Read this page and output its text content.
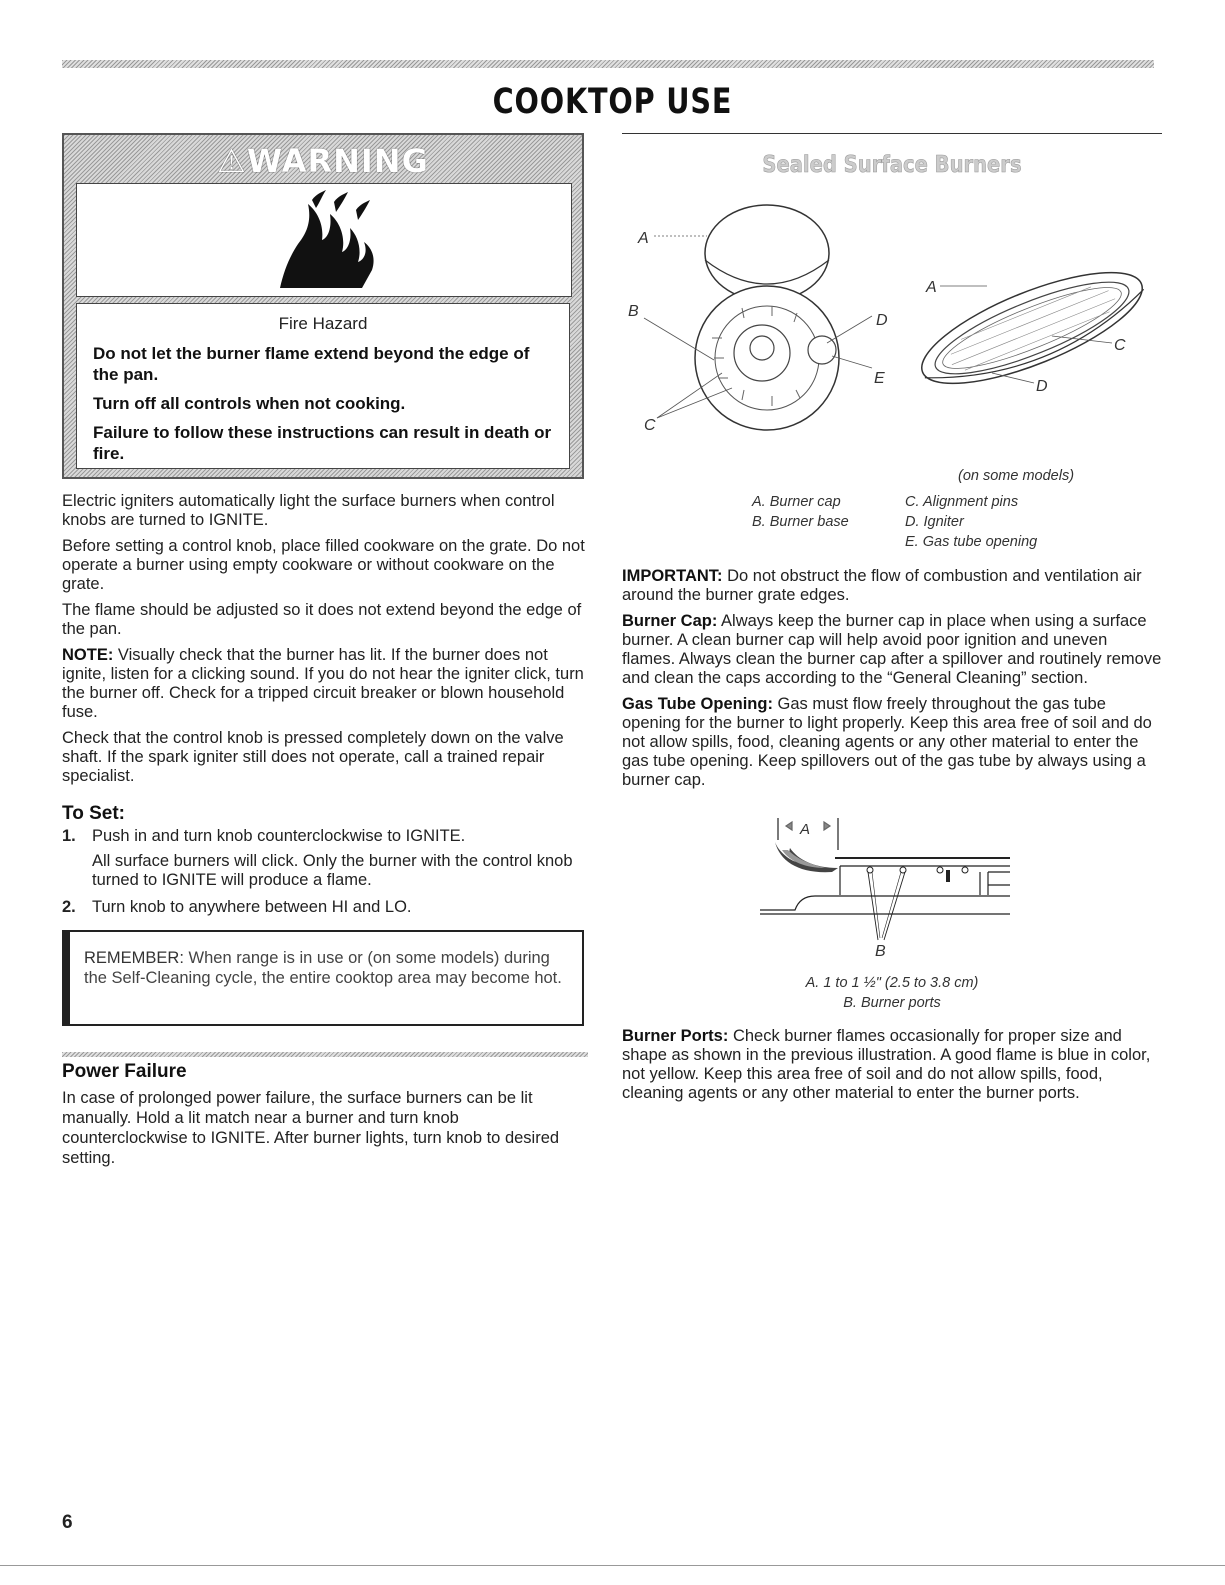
COOKTOP USE
⚠WARNING
Fire Hazard

Do not let the burner flame extend beyond the edge of the pan.

Turn off all controls when not cooking.

Failure to follow these instructions can result in death or fire.

Electric igniters automatically light the surface burners when control knobs are turned to IGNITE.

Before setting a control knob, place filled cookware on the grate. Do not operate a burner using empty cookware or without cookware on the grate.

The flame should be adjusted so it does not extend beyond the edge of the pan.

NOTE: Visually check that the burner has lit. If the burner does not ignite, listen for a clicking sound. If you do not hear the igniter click, turn the burner off. Check for a tripped circuit breaker or blown household fuse.

Check that the control knob is pressed completely down on the valve shaft. If the spark igniter still does not operate, call a trained repair specialist.

To Set:
1. Push in and turn knob counterclockwise to IGNITE.

All surface burners will click. Only the burner with the control knob turned to IGNITE will produce a flame.

2. Turn knob to anywhere between HI and LO.
REMEMBER: When range is in use or (on some models) during the Self-Cleaning cycle, the entire cooktop area may become hot.
Power Failure

In case of prolonged power failure, the surface burners can be lit manually. Hold a lit match near a burner and turn knob counterclockwise to IGNITE. After burner lights, turn knob to desired setting.

Sealed Surface Burners
A
B
C
D
E
A
C
D
(on some models)
A. Burner cap
B. Burner base
C. Alignment pins
D. Igniter
E. Gas tube opening

IMPORTANT: Do not obstruct the flow of combustion and ventilation air around the burner grate edges.

Burner Cap: Always keep the burner cap in place when using a surface burner. A clean burner cap will help avoid poor ignition and uneven flames. Always clean the burner cap after a spillover and routinely remove and clean the caps according to the “General Cleaning” section.

Gas Tube Opening: Gas must flow freely throughout the gas tube opening for the burner to light properly. Keep this area free of soil and do not allow spills, food, cleaning agents or any other material to enter the gas tube opening. Keep spillovers out of the gas tube by always using a burner cap.

A
B
A. 1 to 1 ½" (2.5 to 3.8 cm)
B. Burner ports

Burner Ports: Check burner flames occasionally for proper size and shape as shown in the previous illustration. A good flame is blue in color, not yellow. Keep this area free of soil and do not allow spills, food, cleaning agents or any other material to enter the burner ports.

6
